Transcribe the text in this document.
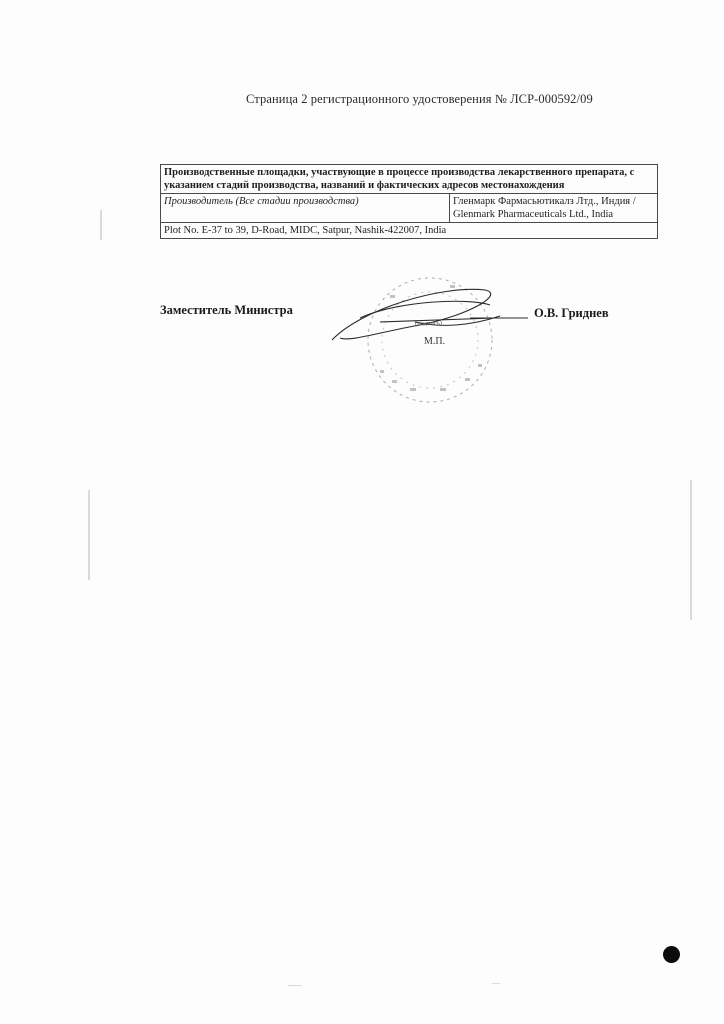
Страница 2 регистрационного удостоверения № ЛСР-000592/09
Производственные площадки, участвующие в процессе производства лекарственного препарата, с указанием стадий производства, названий и фактических адресов местонахождения
Производитель (Все стадии производства)	Гленмарк Фармасьютикалз Лтд., Индия /
Glenmark Pharmaceuticals Ltd., India

Plot No. E-37 to 39, D-Road, MIDC, Satpur, Nashik-422007, India
Заместитель Министра
(подпись)
М.П.
О.В. Гриднев
